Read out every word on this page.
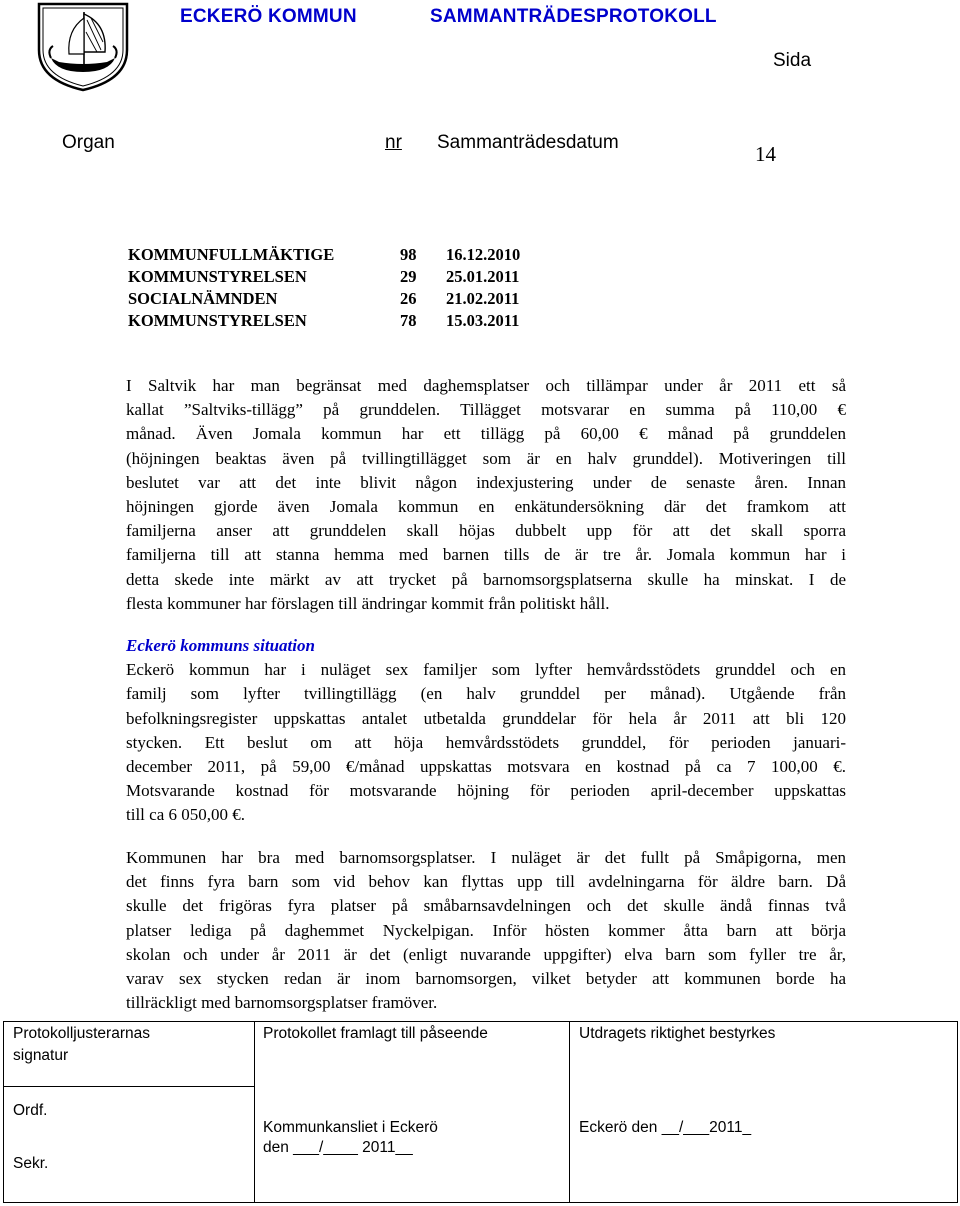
ECKERÖ KOMMUN	SAMMANTRÄDESPROTOKOLL
Sida
Organ	nr Sammanträdesdatum	14
KOMMUNFULLMÄKTIGE	98 16.12.2010
KOMMUNSTYRELSEN	29 25.01.2011
SOCIALNÄMNDEN	26 21.02.2011
KOMMUNSTYRELSEN	78 15.03.2011
I Saltvik har man begränsat med daghemsplatser och tillämpar under år 2011 ett så
kallat ”Saltviks-tillägg” på grunddelen. Tillägget motsvarar en summa på 110,00 €
månad. Även Jomala kommun har ett tillägg på 60,00 € månad på grunddelen
(höjningen beaktas även på tvillingtillägget som är en halv grunddel). Motiveringen till
beslutet var att det inte blivit någon indexjustering under de senaste åren. Innan
höjningen gjorde även Jomala kommun en enkätundersökning där det framkom att
familjerna anser att grunddelen skall höjas dubbelt upp för att det skall sporra
familjerna till att stanna hemma med barnen tills de är tre år. Jomala kommun har i
detta skede inte märkt av att trycket på barnomsorgsplatserna skulle ha minskat. I de
flesta kommuner har förslagen till ändringar kommit från politiskt håll.
Eckerö kommuns situation
Eckerö kommun har i nuläget sex familjer som lyfter hemvårdsstödets grunddel och en
familj som lyfter tvillingtillägg (en halv grunddel per månad). Utgående från
befolkningsregister uppskattas antalet utbetalda grunddelar för hela år 2011 att bli 120
stycken. Ett beslut om att höja hemvårdsstödets grunddel, för perioden januari-
december 2011, på 59,00 €/månad uppskattas motsvara en kostnad på ca 7 100,00 €.
Motsvarande kostnad för motsvarande höjning för perioden april-december uppskattas
till ca 6 050,00 €.
Kommunen har bra med barnomsorgsplatser. I nuläget är det fullt på Småpigorna, men
det finns fyra barn som vid behov kan flyttas upp till avdelningarna för äldre barn. Då
skulle det frigöras fyra platser på småbarnsavdelningen och det skulle ändå finnas två
platser lediga på daghemmet Nyckelpigan. Inför hösten kommer åtta barn att börja
skolan och under år 2011 är det (enligt nuvarande uppgifter) elva barn som fyller tre år,
varav sex stycken redan är inom barnomsorgen, vilket betyder att kommunen borde ha
tillräckligt med barnomsorgsplatser framöver.
Protokolljusterarnas
signatur
Protokollet framlagt till påseende	Utdragets riktighet bestyrkes
Ordf.
Sekr.
Kommunkansliet i Eckerö
den ___/____ 2011__
Eckerö den __/___2011_
